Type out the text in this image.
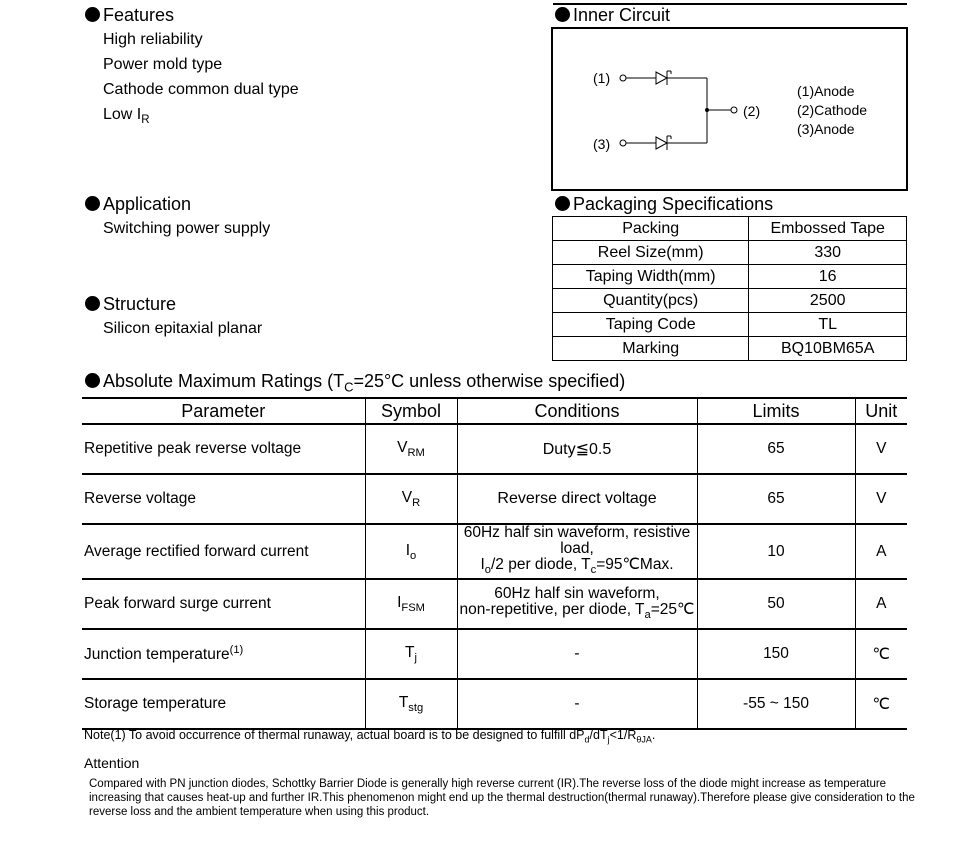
Features
High reliability
Power mold type
Cathode common dual type
Low $I_R$
Application
Switching power supply
Structure
Silicon epitaxial planar
Inner Circuit
(1)
(2)
(3)
(1)Anode
(2)Cathode
(3)Anode
Packaging Specifications
Packing	Embossed Tape
Reel Size(mm)	330
Taping Width(mm)	16
Quantity(pcs)	2500
Taping Code	TL
Marking	BQ10BM65A
Absolute Maximum Ratings ($T_C=25^\circ C$ unless otherwise specified)
Parameter	Symbol	Conditions	Limits	Unit
Repetitive peak reverse voltage	$V_{RM}$	Duty≦0.5	65	V
Reverse voltage	$V_R$	Reverse direct voltage	65	V
Average rectified forward current	$I_o$	60Hz half sin waveform, resistive load,
$I_o/2$ per diode, $T_c=95℃Max$.	10	A
Peak forward surge current	$I_{FSM}$	60Hz half sin waveform,
non-repetitive, per diode, $T_a=25℃$	50	A
Junction temperature$^{(1)}$	$T_j$	-	150	℃
Storage temperature	$T_{stg}$	-	-55 ~ 150	℃
Note(1) To avoid occurrence of thermal runaway, actual board is to be designed to fulfill $dP_d/dT_j<1/R_{\theta JA}$.
Attention
Compared with PN junction diodes, Schottky Barrier Diode is generally high reverse current (IR).The reverse loss of the diode might increase as temperature increasing that causes heat-up and further IR.This phenomenon might end up the thermal destruction(thermal runaway).Therefore please give consideration to the reverse loss and the ambient temperature when using this product.
